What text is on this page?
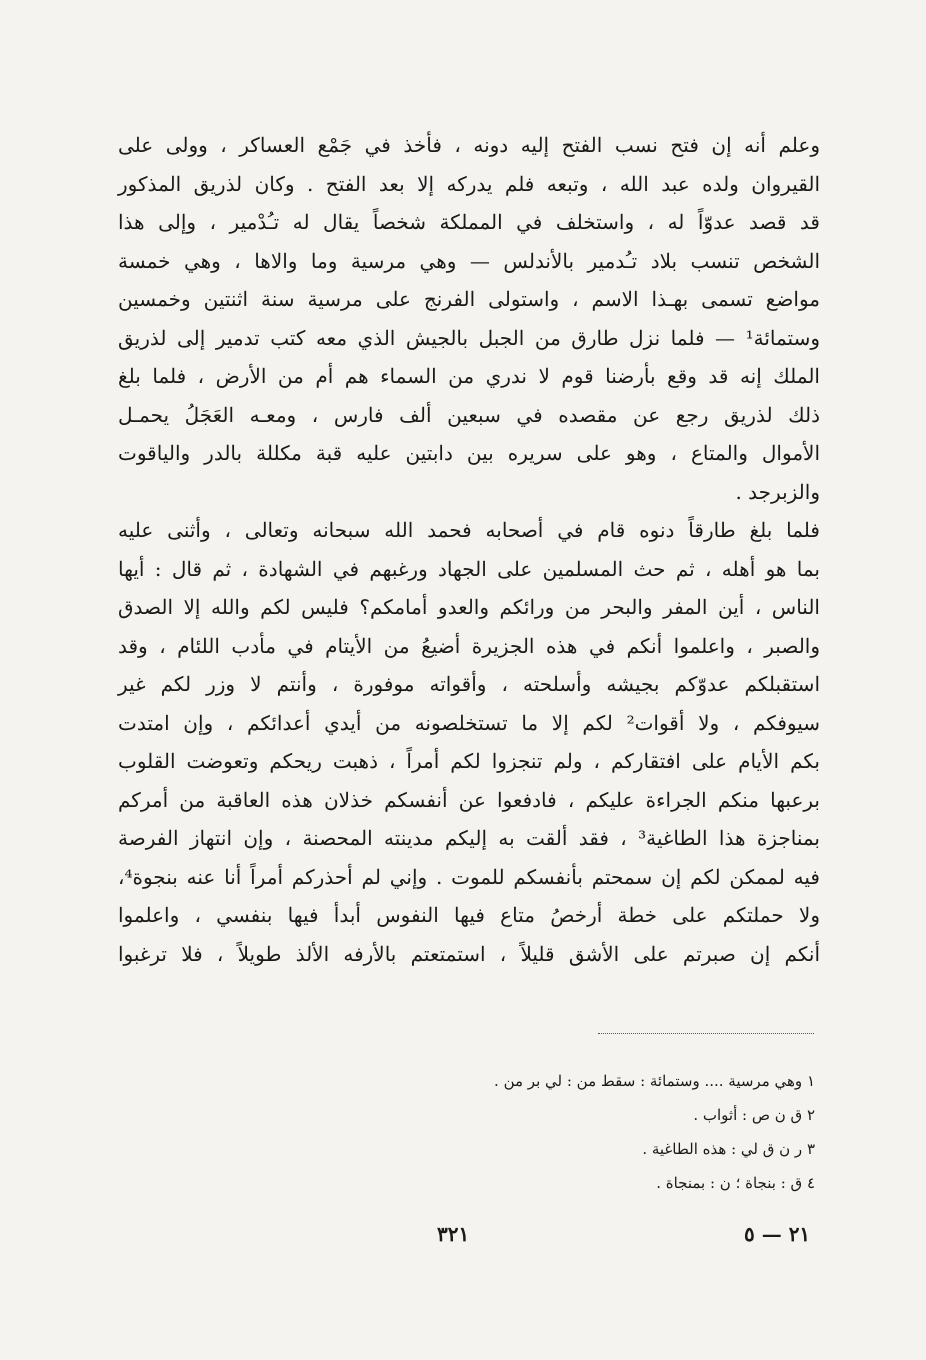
وعلم أنه إن فتح نسب الفتح إليه دونه ، فأخذ في جَمْع العساكر ، وولى على
القيروان ولده عبد الله ، وتبعه فلم يدركه إلا بعد الفتح . وكان لذريق المذكور
قد قصد عدوّاً له ، واستخلف في المملكة شخصاً يقال له تـُدْمير ، وإلى هذا
الشخص تنسب بلاد تـُدمير بالأندلس — وهي مرسية وما والاها ، وهي خمسة
مواضع تسمى بهـذا الاسم ، واستولى الفرنج على مرسية سنة اثنتين وخمسين
وستمائة¹ — فلما نزل طارق من الجبل بالجيش الذي معه كتب تدمير إلى لذريق
الملك إنه قد وقع بأرضنا قوم لا ندري من السماء هم أم من الأرض ، فلما بلغ
ذلك لذريق رجع عن مقصده في سبعين ألف فارس ، ومعـه العَجَلُ يحمـل
الأموال والمتاع ، وهو على سريره بين دابتين عليه قبة مكللة بالدر والياقوت
والزبرجد .
فلما بلغ طارقاً دنوه قام في أصحابه فحمد الله سبحانه وتعالى ، وأثنى عليه
بما هو أهله ، ثم حث المسلمين على الجهاد ورغبهم في الشهادة ، ثم قال : أيها
الناس ، أين المفر والبحر من ورائكم والعدو أمامكم؟ فليس لكم والله إلا الصدق
والصبر ، واعلموا أنكم في هذه الجزيرة أضيعُ من الأيتام في مأدب اللئام ، وقد
استقبلكم عدوّكم بجيشه وأسلحته ، وأقواته موفورة ، وأنتم لا وزر لكم غير
سيوفكم ، ولا أقوات² لكم إلا ما تستخلصونه من أيدي أعدائكم ، وإن امتدت
بكم الأيام على افتقاركم ، ولم تنجزوا لكم أمراً ، ذهبت ريحكم وتعوضت القلوب
برعبها منكم الجراءة عليكم ، فادفعوا عن أنفسكم خذلان هذه العاقبة من أمركم
بمناجزة هذا الطاغية³ ، فقد ألقت به إليكم مدينته المحصنة ، وإن انتهاز الفرصة
فيه لممكن لكم إن سمحتم بأنفسكم للموت . وإني لم أحذركم أمراً أنا عنه بنجوة⁴،
ولا حملتكم على خطة أرخصُ متاع فيها النفوس أبدأ فيها بنفسي ، واعلموا
أنكم إن صبرتم على الأشق قليلاً ، استمتعتم بالأرفه الألذ طويلاً ، فلا ترغبوا
١ وهي مرسية .... وستمائة : سقط من : لي بر من .
٢ ق ن ص : أثواب .
٣ ر ن ق لي : هذه الطاغية .
٤ ق : بنجاة ؛ ن : بمنجاة .
٣٢١	٢١ — ٥
